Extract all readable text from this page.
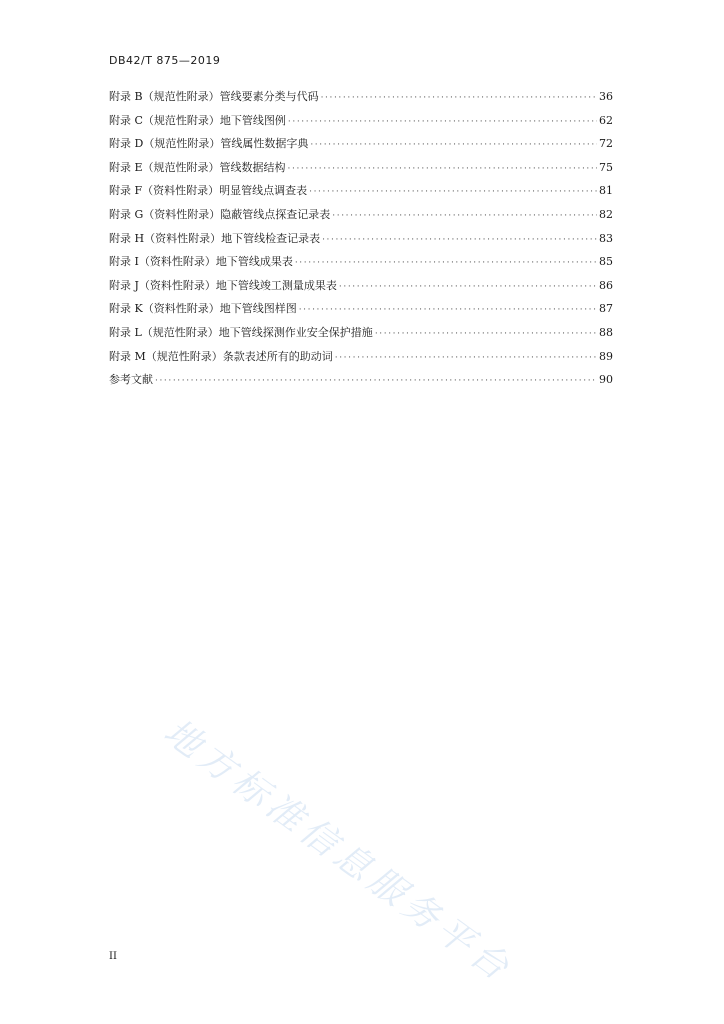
DB42/T 875—2019
附录 B（规范性附录）管线要素分类与代码 ·····	36
附录 C（规范性附录）地下管线图例 ·····	62
附录 D（规范性附录）管线属性数据字典 ·····	72
附录 E（规范性附录）管线数据结构 ·····	75
附录 F（资料性附录）明显管线点调查表 ·····	81
附录 G（资料性附录）隐蔽管线点探查记录表 ·····	82
附录 H（资料性附录）地下管线检查记录表 ·····	83
附录 I（资料性附录）地下管线成果表 ·····	85
附录 J（资料性附录）地下管线竣工测量成果表 ·····	86
附录 K（资料性附录）地下管线图样图 ·····	87
附录 L（规范性附录）地下管线探测作业安全保护措施 ·····	88
附录 M（规范性附录）条款表述所有的助动词 ·····	89
参考文献 ·····	90
地方标准信息服务平台
II
